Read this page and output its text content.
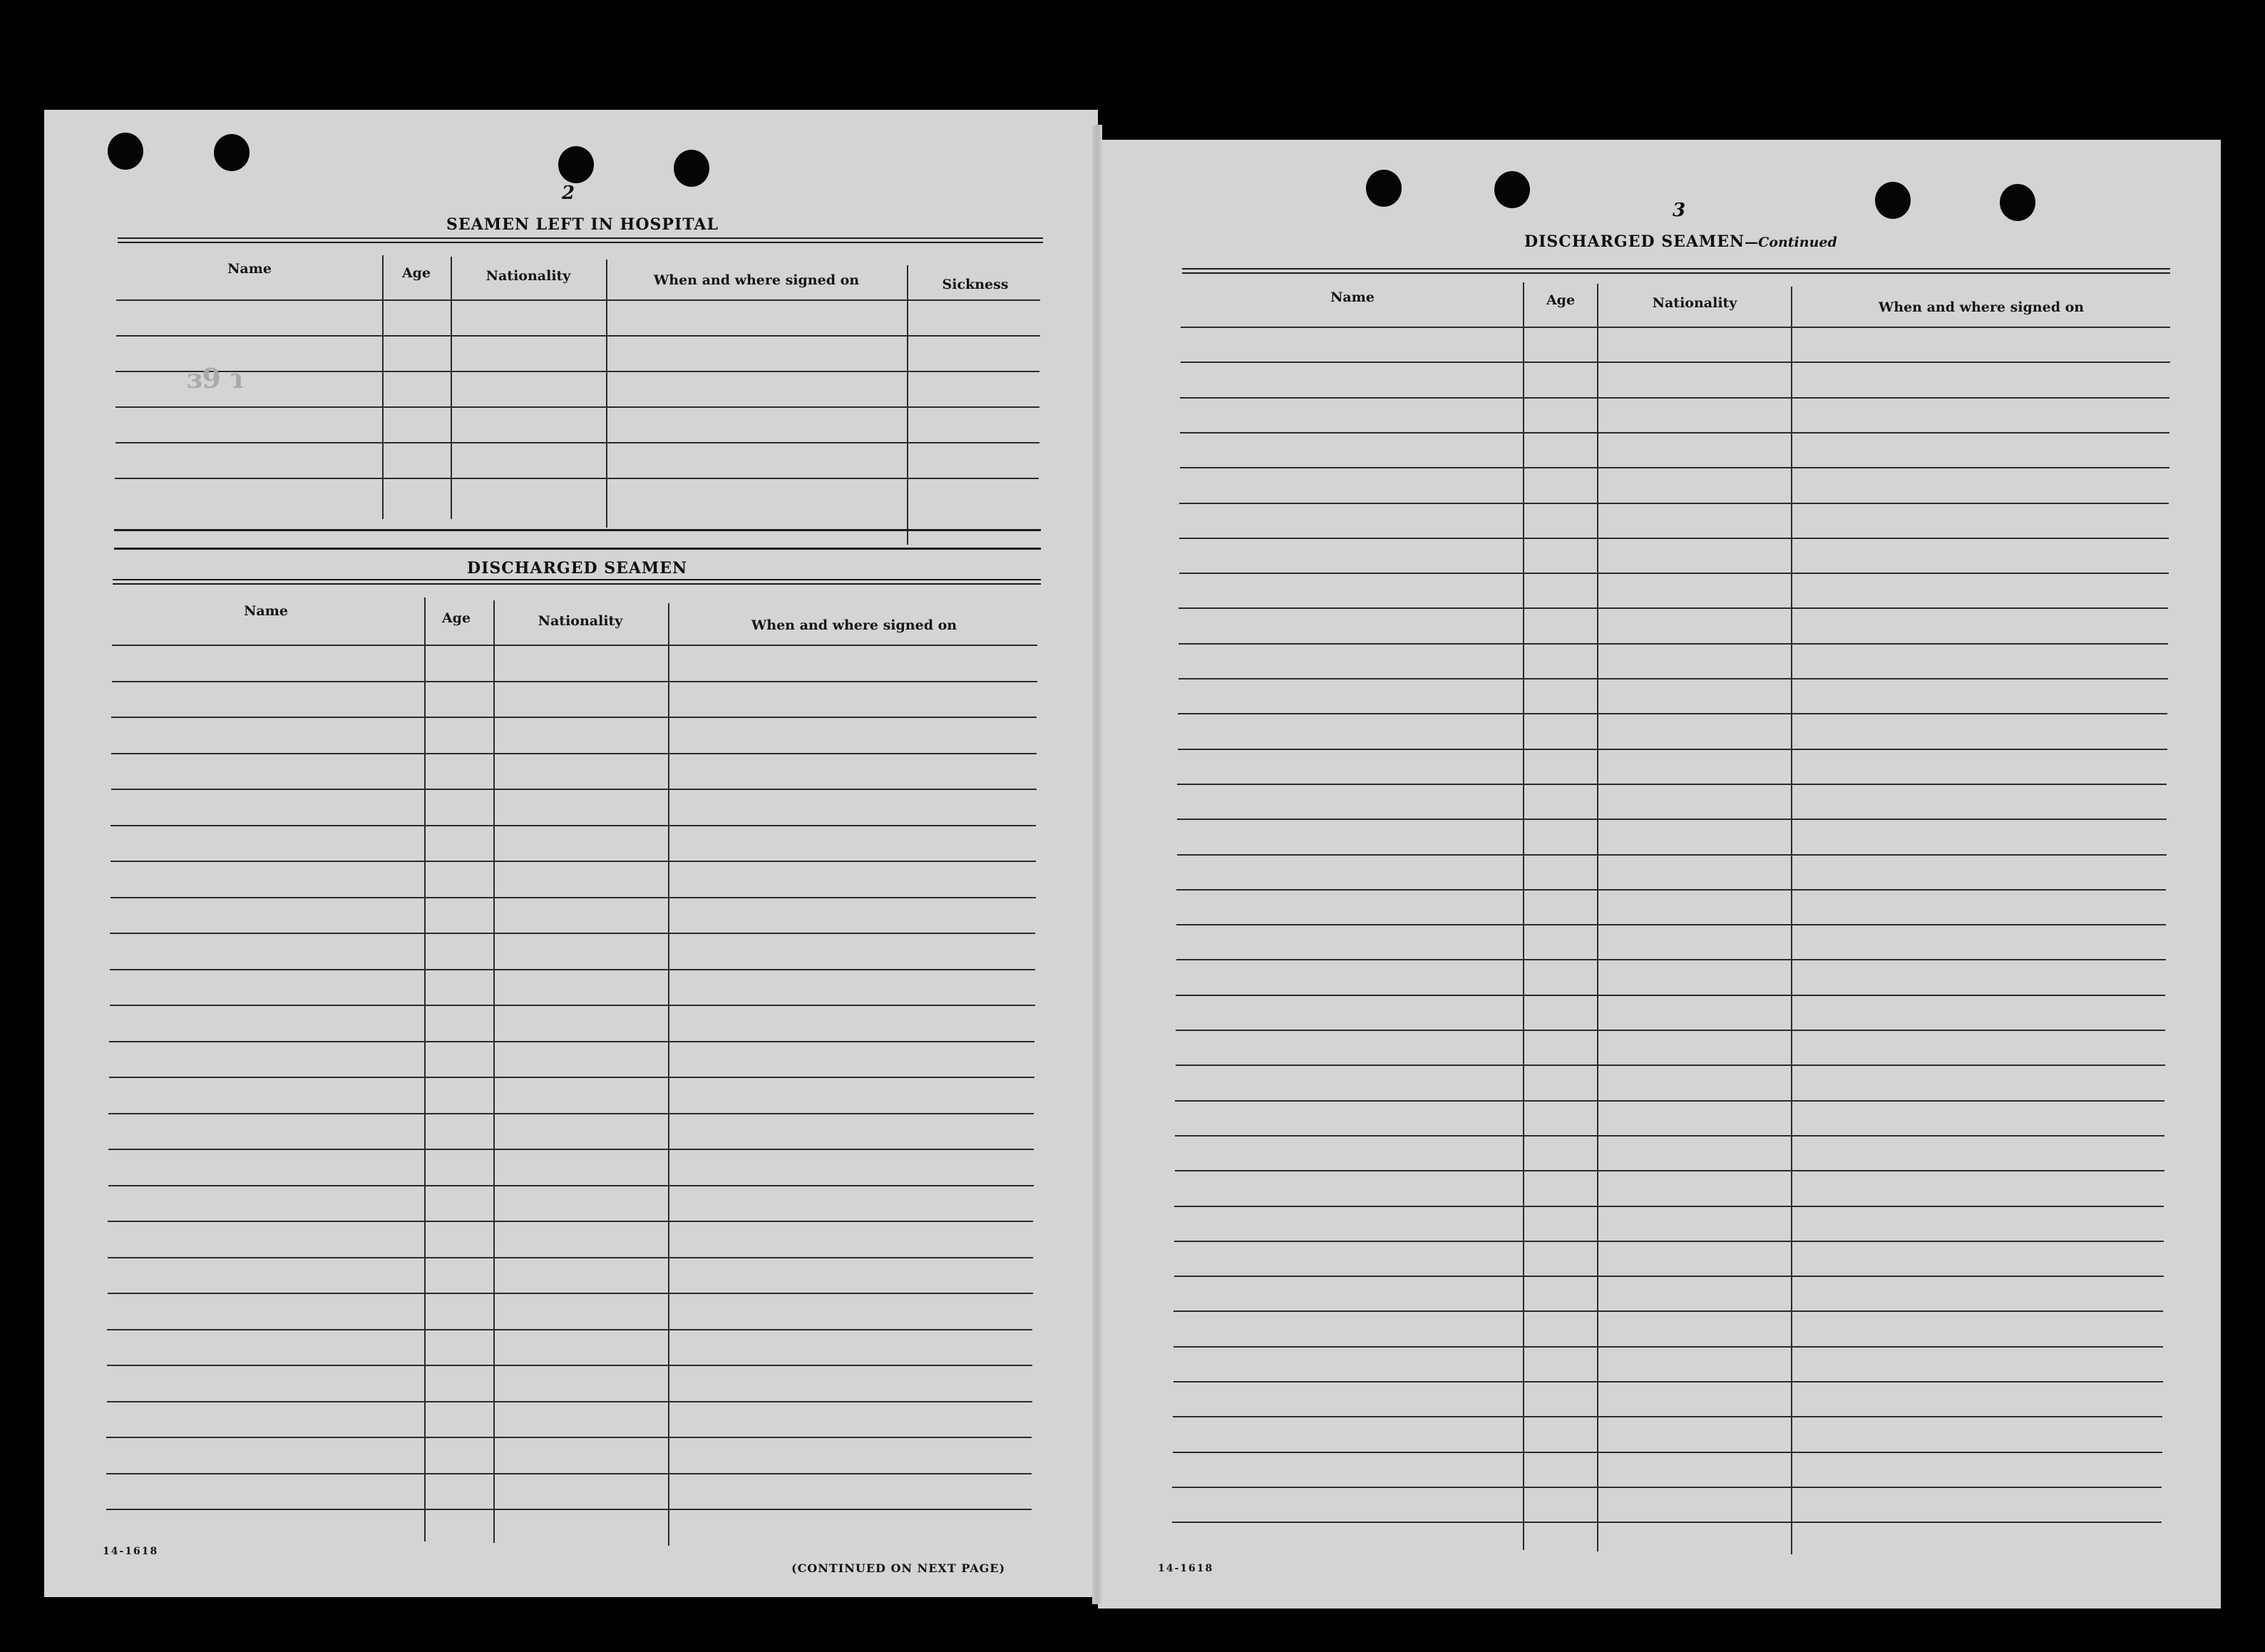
2
SEAMEN LEFT IN HOSPITAL
Name	Age	Nationality	When and where signed on	Sickness
DISCHARGED SEAMEN
Name	Age	Nationality	When and where signed on
ɜ9 ɿ
14-1618
(CONTINUED ON NEXT PAGE)
3
DISCHARGED SEAMEN—Continued
Name	Age	Nationality	When and where signed on
14-1618
